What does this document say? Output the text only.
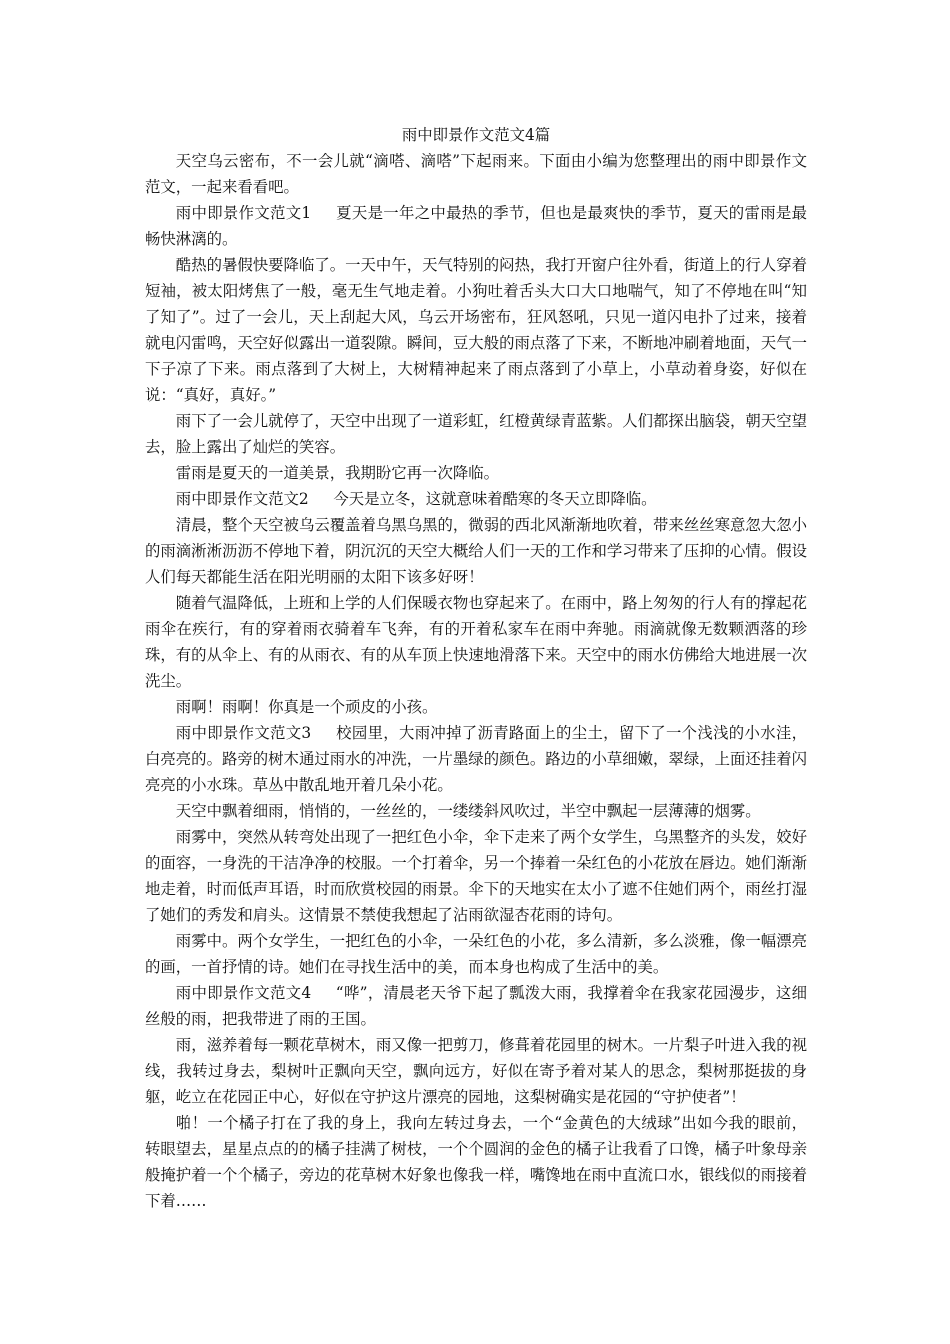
雨中即景作文范文4篇

天空乌云密布，不一会儿就“滴嗒、滴嗒”下起雨来。下面由小编为您整理出的雨中即景作文范文，一起来看看吧。

雨中即景作文范文1 夏天是一年之中最热的季节，但也是最爽快的季节，夏天的雷雨是最畅快淋漓的。

酷热的暑假快要降临了。一天中午，天气特别的闷热，我打开窗户往外看，街道上的行人穿着短袖，被太阳烤焦了一般，毫无生气地走着。小狗吐着舌头大口大口地喘气，知了不停地在叫“知了知了”。过了一会儿，天上刮起大风，乌云开场密布，狂风怒吼，只见一道闪电扑了过来，接着就电闪雷鸣，天空好似露出一道裂隙。瞬间，豆大般的雨点落了下来，不断地冲刷着地面，天气一下子凉了下来。雨点落到了大树上，大树精神起来了雨点落到了小草上，小草动着身姿，好似在说：“真好，真好。”

雨下了一会儿就停了，天空中出现了一道彩虹，红橙黄绿青蓝紫。人们都探出脑袋，朝天空望去，脸上露出了灿烂的笑容。

雷雨是夏天的一道美景，我期盼它再一次降临。

雨中即景作文范文2 今天是立冬，这就意味着酷寒的冬天立即降临。

清晨，整个天空被乌云覆盖着乌黑乌黑的，微弱的西北风渐渐地吹着，带来丝丝寒意忽大忽小的雨滴淅淅沥沥不停地下着，阴沉沉的天空大概给人们一天的工作和学习带来了压抑的心情。假设人们每天都能生活在阳光明丽的太阳下该多好呀！

随着气温降低，上班和上学的人们保暖衣物也穿起来了。在雨中，路上匆匆的行人有的撑起花雨伞在疾行，有的穿着雨衣骑着车飞奔，有的开着私家车在雨中奔驰。雨滴就像无数颗洒落的珍珠，有的从伞上、有的从雨衣、有的从车顶上快速地滑落下来。天空中的雨水仿佛给大地进展一次洗尘。

雨啊！雨啊！你真是一个顽皮的小孩。

雨中即景作文范文3 校园里，大雨冲掉了沥青路面上的尘土，留下了一个浅浅的小水洼，白亮亮的。路旁的树木通过雨水的冲洗，一片墨绿的颜色。路边的小草细嫩，翠绿，上面还挂着闪亮亮的小水珠。草丛中散乱地开着几朵小花。

天空中飘着细雨，悄悄的，一丝丝的，一缕缕斜风吹过，半空中飘起一层薄薄的烟雾。

雨雾中，突然从转弯处出现了一把红色小伞，伞下走来了两个女学生，乌黑整齐的头发，姣好的面容，一身洗的干洁净净的校服。一个打着伞，另一个捧着一朵红色的小花放在唇边。她们渐渐地走着，时而低声耳语，时而欣赏校园的雨景。伞下的天地实在太小了遮不住她们两个，雨丝打湿了她们的秀发和肩头。这情景不禁使我想起了沾雨欲湿杏花雨的诗句。

雨雾中。两个女学生，一把红色的小伞，一朵红色的小花，多么清新，多么淡雅，像一幅漂亮的画，一首抒情的诗。她们在寻找生活中的美，而本身也构成了生活中的美。

雨中即景作文范文4 “哗”，清晨老天爷下起了瓢泼大雨，我撑着伞在我家花园漫步，这细丝般的雨，把我带进了雨的王国。

雨，滋养着每一颗花草树木，雨又像一把剪刀，修葺着花园里的树木。一片梨子叶进入我的视线，我转过身去，梨树叶正飘向天空，飘向远方，好似在寄予着对某人的思念，梨树那挺拔的身躯，屹立在花园正中心，好似在守护这片漂亮的园地，这梨树确实是花园的“守护使者”！

啪！一个橘子打在了我的身上，我向左转过身去，一个“金黄色的大绒球”出如今我的眼前，转眼望去，星星点点的的橘子挂满了树枝，一个个圆润的金色的橘子让我看了口馋，橘子叶象母亲般掩护着一个个橘子，旁边的花草树木好象也像我一样，嘴馋地在雨中直流口水，银线似的雨接着下着……
